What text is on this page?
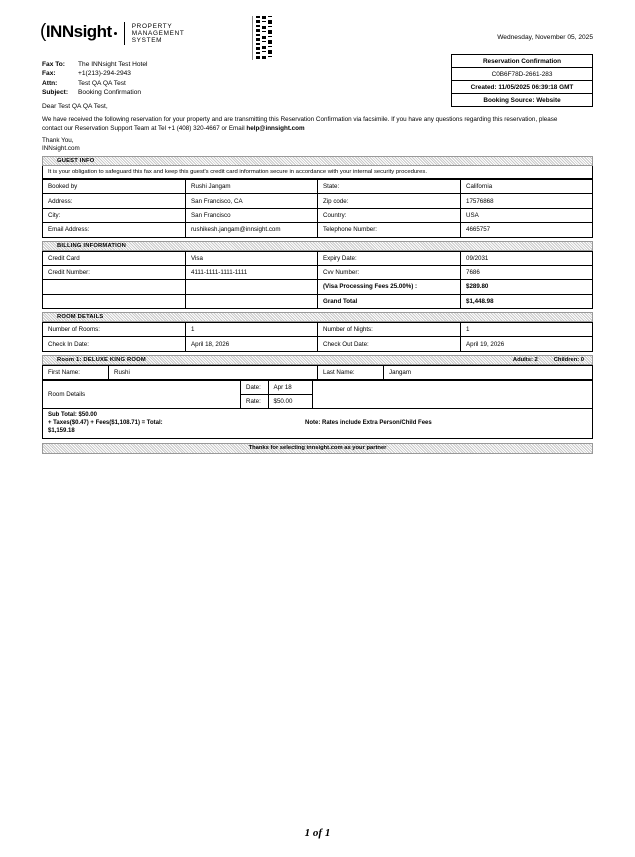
(INNsight	PROPERTY
MANAGEMENT
SYSTEM	Wednesday, November 05, 2025
Reservation Confirmation
C0B6F78D-2661-283
Created: 11/05/2025 06:39:18 GMT
Booking Source: Website
Fax To:	The INNsight Test Hotel
Fax:	+1(213)-294-2943
Attn:	Test QA QA Test
Subject:	Booking Confirmation
Dear Test QA QA Test,
We have received the following reservation for your property and are transmitting this Reservation Confirmation via facsimile. If you have any questions regarding this reservation, please contact our Reservation Support Team at Tel +1 (408) 320-4667 or Email help@innsight.com
Thank You,
INNsight.com
GUEST INFO
It is your obligation to safeguard this fax and keep this guest's credit card information secure in accordance with your internal security procedures.
Booked by	Rushi Jangam	State:	California
Address:	San Francisco, CA	Zip code:	17576868
City:	San Francisco	Country:	USA
Email Address:	rushikesh.jangam@innsight.com	Telephone Number:	4665757
BILLING INFORMATION
Credit Card	Visa	Expiry Date:	09/2031
Credit Number:	4111-1111-1111-1111	Cvv Number:	7686
		(Visa Processing Fees 25.00%) :	$289.80
		Grand Total	$1,448.98
ROOM DETAILS
Number of Rooms:	1	Number of Nights:	1
Check In Date:	April 18, 2026	Check Out Date:	April 19, 2026
Room 1: DELUXE KING ROOM	Adults: 2	Children: 0
First Name:	Rushi	Last Name:	Jangam
Room Details	Date:	Apr 18	
	Rate:	$50.00	
Sub Total: $50.00
+ Taxes($0.47) + Fees($1,108.71) = Total:
$1,159.18
Note: Rates include Extra Person/Child Fees
Thanks for selecting innsight.com as your partner
1 of 1
